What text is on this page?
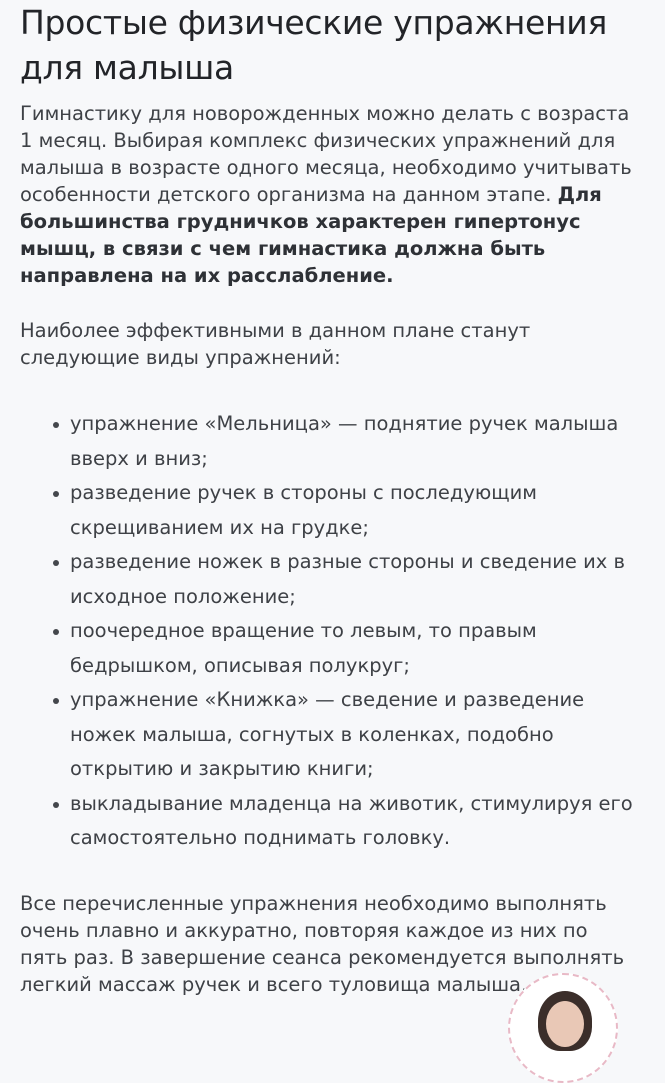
Простые физические упражнения для малыша

Гимнастику для новорожденных можно делать с возраста 1 месяц. Выбирая комплекс физических упражнений для малыша в возрасте одного месяца, необходимо учитывать особенности детского организма на данном этапе. Для большинства грудничков характерен гипертонус мышц, в связи с чем гимнастика должна быть направлена на их расслабление.

Наиболее эффективными в данном плане станут следующие виды упражнений:

упражнение «Мельница» — поднятие ручек малыша вверх и вниз;
разведение ручек в стороны с последующим скрещиванием их на грудке;
разведение ножек в разные стороны и сведение их в исходное положение;
поочередное вращение то левым, то правым бедрышком, описывая полукруг;
упражнение «Книжка» — сведение и разведение ножек малыша, согнутых в коленках, подобно открытию и закрытию книги;
выкладывание младенца на животик, стимулируя его самостоятельно поднимать головку.

Все перечисленные упражнения необходимо выполнять очень плавно и аккуратно, повторяя каждое из них по пять раз. В завершение сеанса рекомендуется выполнять легкий массаж ручек и всего туловища малыша.
